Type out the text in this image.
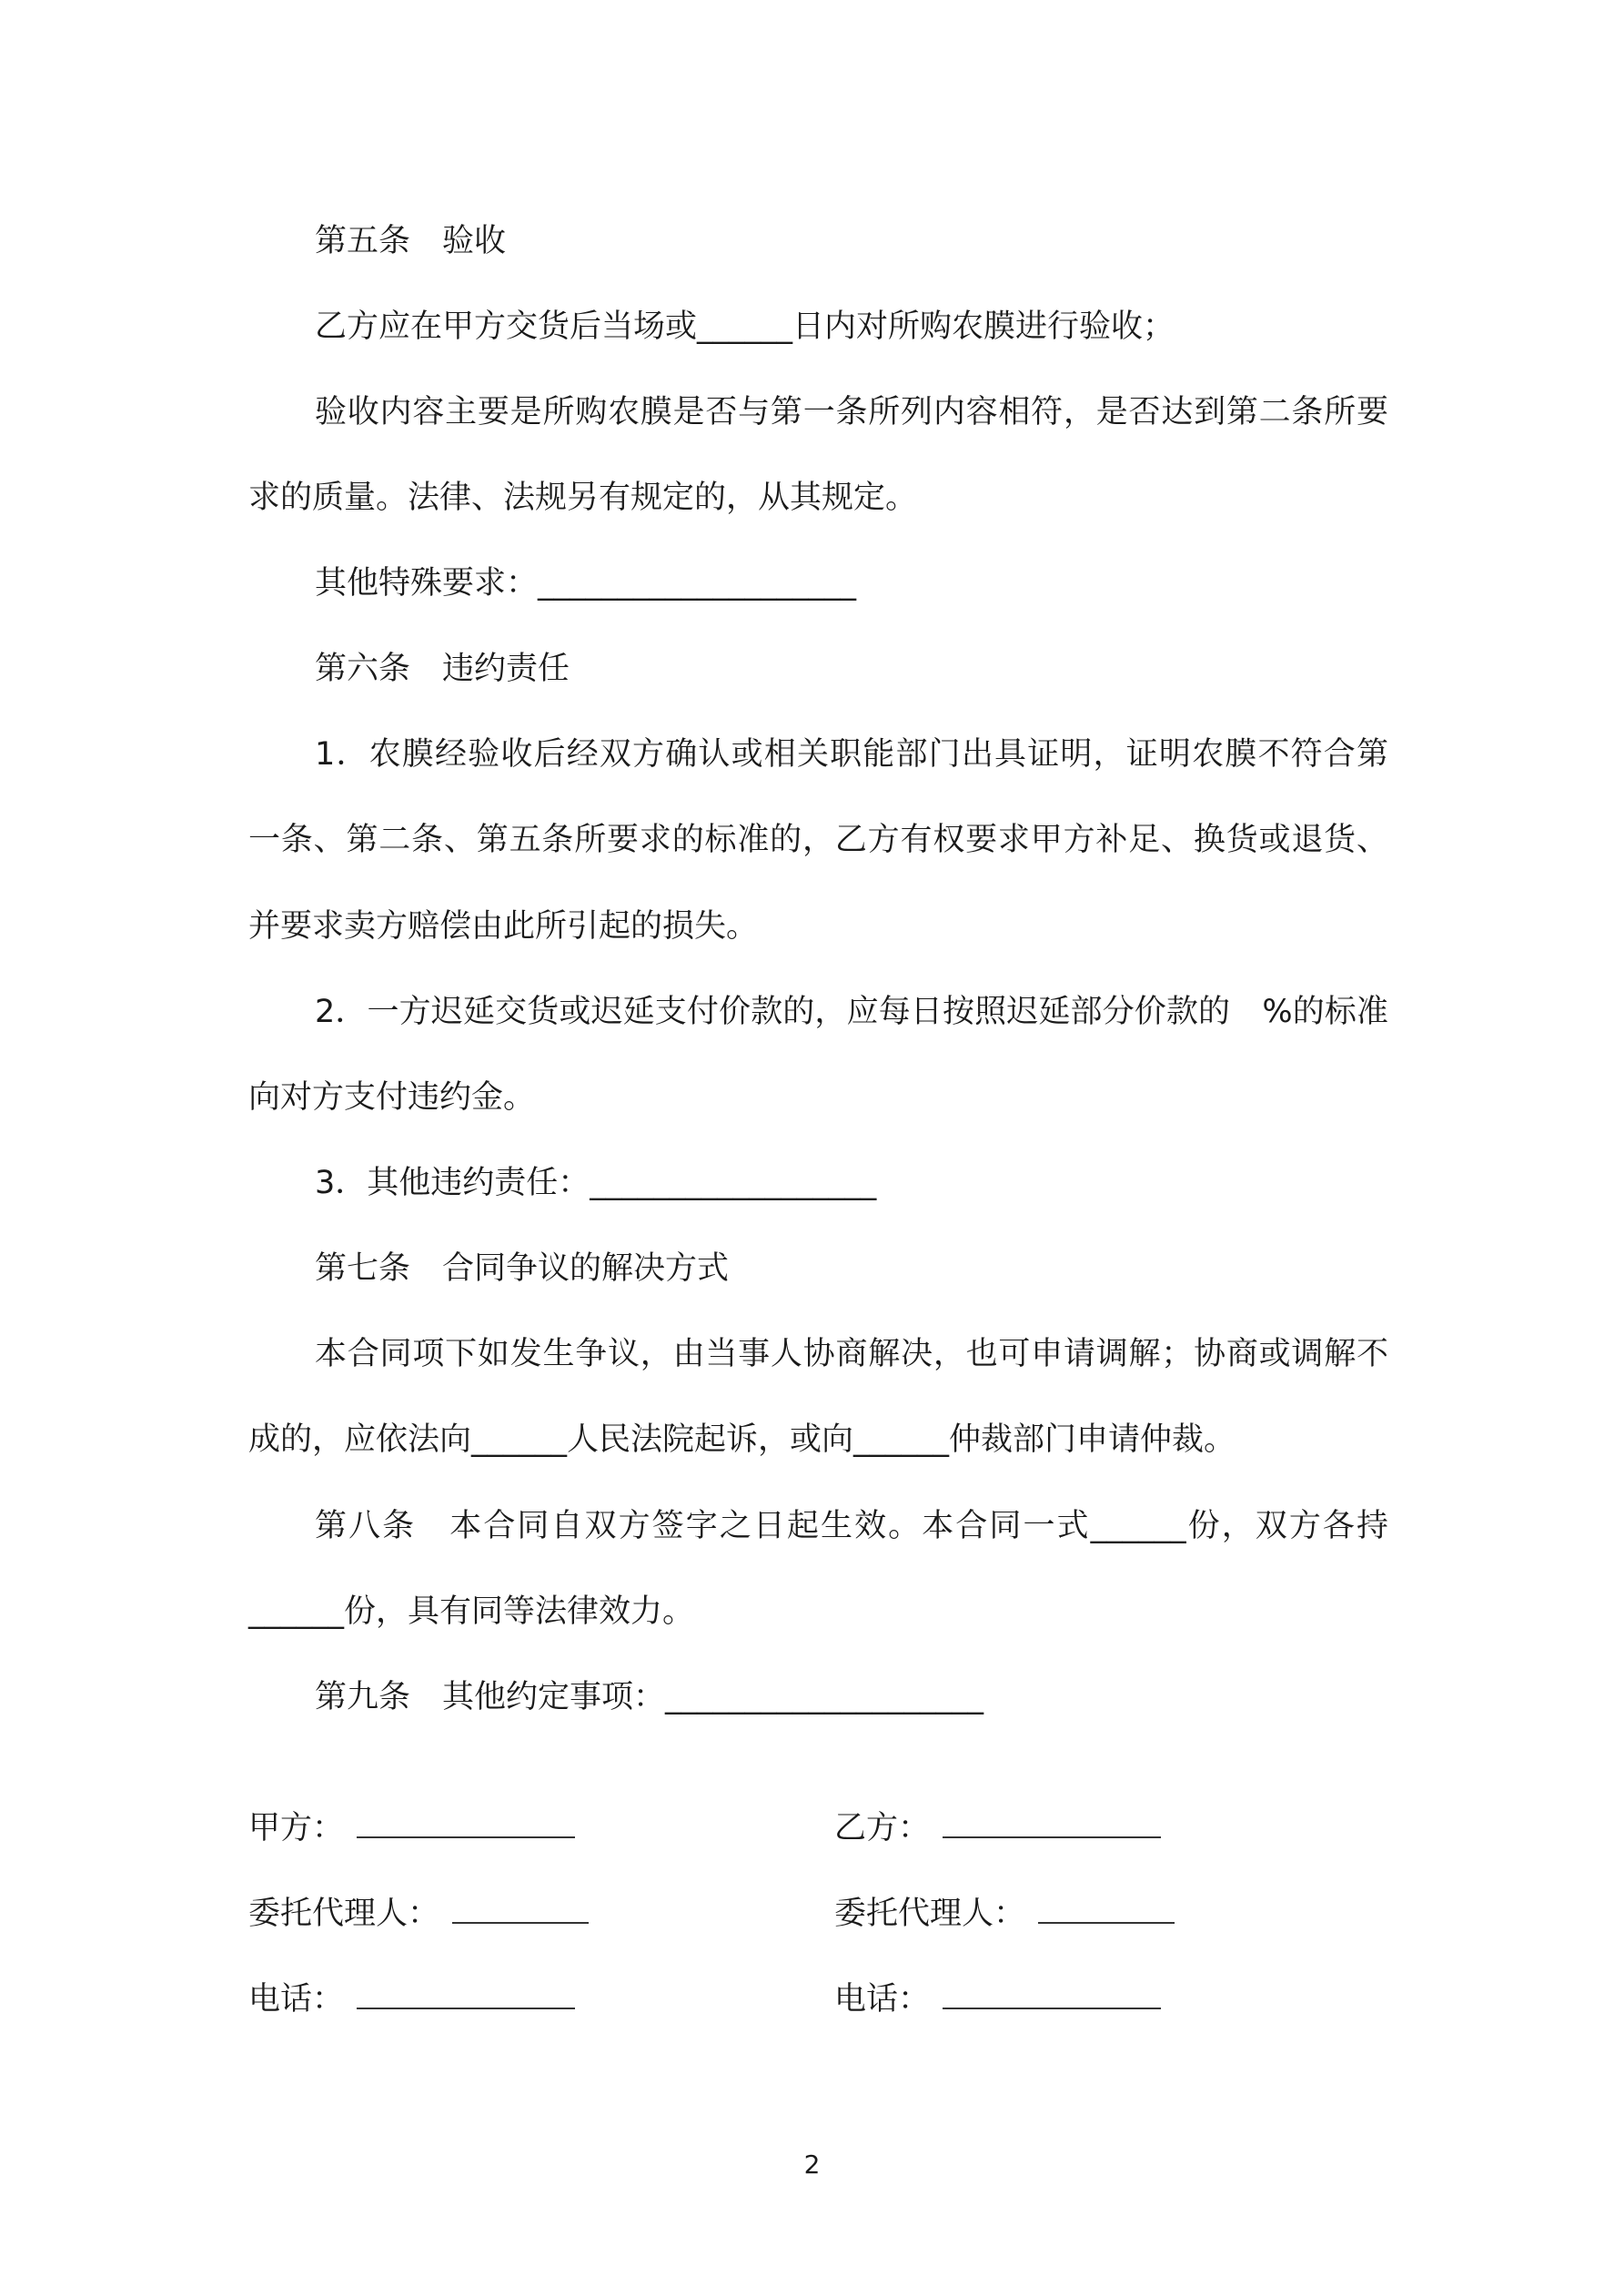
第五条　验收
乙方应在甲方交货后当场或______日内对所购农膜进行验收；
验收内容主要是所购农膜是否与第一条所列内容相符，是否达到第二条所要
求的质量。法律、法规另有规定的，从其规定。
其他特殊要求：____________________
第六条　违约责任
1．农膜经验收后经双方确认或相关职能部门出具证明，证明农膜不符合第
一条、第二条、第五条所要求的标准的，乙方有权要求甲方补足、换货或退货、
并要求卖方赔偿由此所引起的损失。
2．一方迟延交货或迟延支付价款的，应每日按照迟延部分价款的　%的标准
向对方支付违约金。
3．其他违约责任：__________________
第七条　合同争议的解决方式
本合同项下如发生争议，由当事人协商解决，也可申请调解；协商或调解不
成的，应依法向______人民法院起诉，或向______仲裁部门申请仲裁。
第八条　本合同自双方签字之日起生效。本合同一式______份，双方各持
______份，具有同等法律效力。
第九条　其他约定事项：____________________
甲方：	乙方：
委托代理人：	委托代理人：
电话：	电话：
2
